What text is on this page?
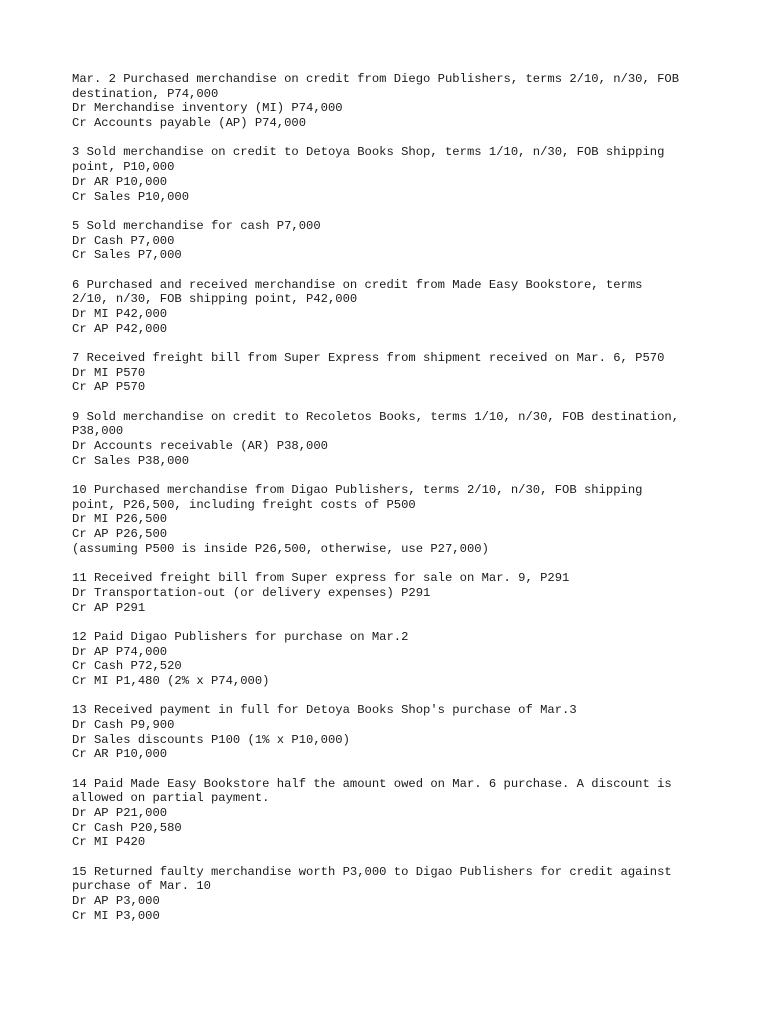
Mar. 2 Purchased merchandise on credit from Diego Publishers, terms 2/10, n/30, FOB
destination, P74,000
Dr Merchandise inventory (MI) P74,000
Cr Accounts payable (AP) P74,000
3 Sold merchandise on credit to Detoya Books Shop, terms 1/10, n/30, FOB shipping
point, P10,000
Dr AR P10,000
Cr Sales P10,000
5 Sold merchandise for cash P7,000
Dr Cash P7,000
Cr Sales P7,000
6 Purchased and received merchandise on credit from Made Easy Bookstore, terms
2/10, n/30, FOB shipping point, P42,000
Dr MI P42,000
Cr AP P42,000
7 Received freight bill from Super Express from shipment received on Mar. 6, P570
Dr MI P570
Cr AP P570
9 Sold merchandise on credit to Recoletos Books, terms 1/10, n/30, FOB destination,
P38,000
Dr Accounts receivable (AR) P38,000
Cr Sales P38,000
10 Purchased merchandise from Digao Publishers, terms 2/10, n/30, FOB shipping
point, P26,500, including freight costs of P500
Dr MI P26,500
Cr AP P26,500
(assuming P500 is inside P26,500, otherwise, use P27,000)
11 Received freight bill from Super express for sale on Mar. 9, P291
Dr Transportation-out (or delivery expenses) P291
Cr AP P291
12 Paid Digao Publishers for purchase on Mar.2
Dr AP P74,000
Cr Cash P72,520
Cr MI P1,480 (2% x P74,000)
13 Received payment in full for Detoya Books Shop's purchase of Mar.3
Dr Cash P9,900
Dr Sales discounts P100 (1% x P10,000)
Cr AR P10,000
14 Paid Made Easy Bookstore half the amount owed on Mar. 6 purchase. A discount is
allowed on partial payment.
Dr AP P21,000
Cr Cash P20,580
Cr MI P420
15 Returned faulty merchandise worth P3,000 to Digao Publishers for credit against
purchase of Mar. 10
Dr AP P3,000
Cr MI P3,000
